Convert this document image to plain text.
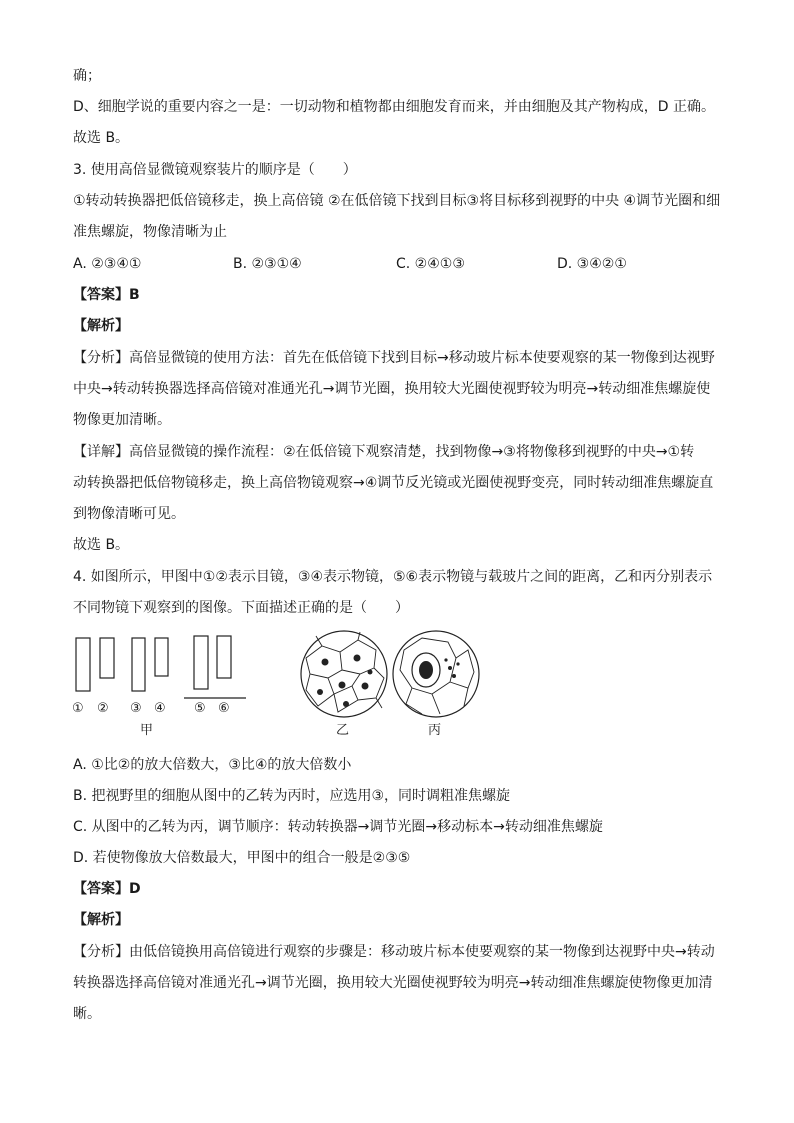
确；
D、细胞学说的重要内容之一是：一切动物和植物都由细胞发育而来，并由细胞及其产物构成，D 正确。
故选 B。
3. 使用高倍显微镜观察装片的顺序是（　　）
①转动转换器把低倍镜移走，换上高倍镜 ②在低倍镜下找到目标③将目标移到视野的中央 ④调节光圈和细
准焦螺旋，物像清晰为止
A. ②③④①	B. ②③①④	C. ②④①③	D. ③④②①
【答案】B
【解析】
【分析】高倍显微镜的使用方法：首先在低倍镜下找到目标→移动玻片标本使要观察的某一物像到达视野
中央→转动转换器选择高倍镜对准通光孔→调节光圈，换用较大光圈使视野较为明亮→转动细准焦螺旋使
物像更加清晰。
【详解】高倍显微镜的操作流程：②在低倍镜下观察清楚，找到物像→③将物像移到视野的中央→①转
动转换器把低倍物镜移走，换上高倍物镜观察→④调节反光镜或光圈使视野变亮，同时转动细准焦螺旋直
到物像清晰可见。
故选 B。
4. 如图所示，甲图中①②表示目镜，③④表示物镜，⑤⑥表示物镜与载玻片之间的距离，乙和丙分别表示
不同物镜下观察到的图像。下面描述正确的是（　　）
① ② ③ ④ ⑤ ⑥
甲	乙	丙
A. ①比②的放大倍数大，③比④的放大倍数小
B. 把视野里的细胞从图中的乙转为丙时，应选用③，同时调粗准焦螺旋
C. 从图中的乙转为丙，调节顺序：转动转换器→调节光圈→移动标本→转动细准焦螺旋
D. 若使物像放大倍数最大，甲图中的组合一般是②③⑤
【答案】D
【解析】
【分析】由低倍镜换用高倍镜进行观察的步骤是：移动玻片标本使要观察的某一物像到达视野中央→转动
转换器选择高倍镜对准通光孔→调节光圈，换用较大光圈使视野较为明亮→转动细准焦螺旋使物像更加清
晰。
